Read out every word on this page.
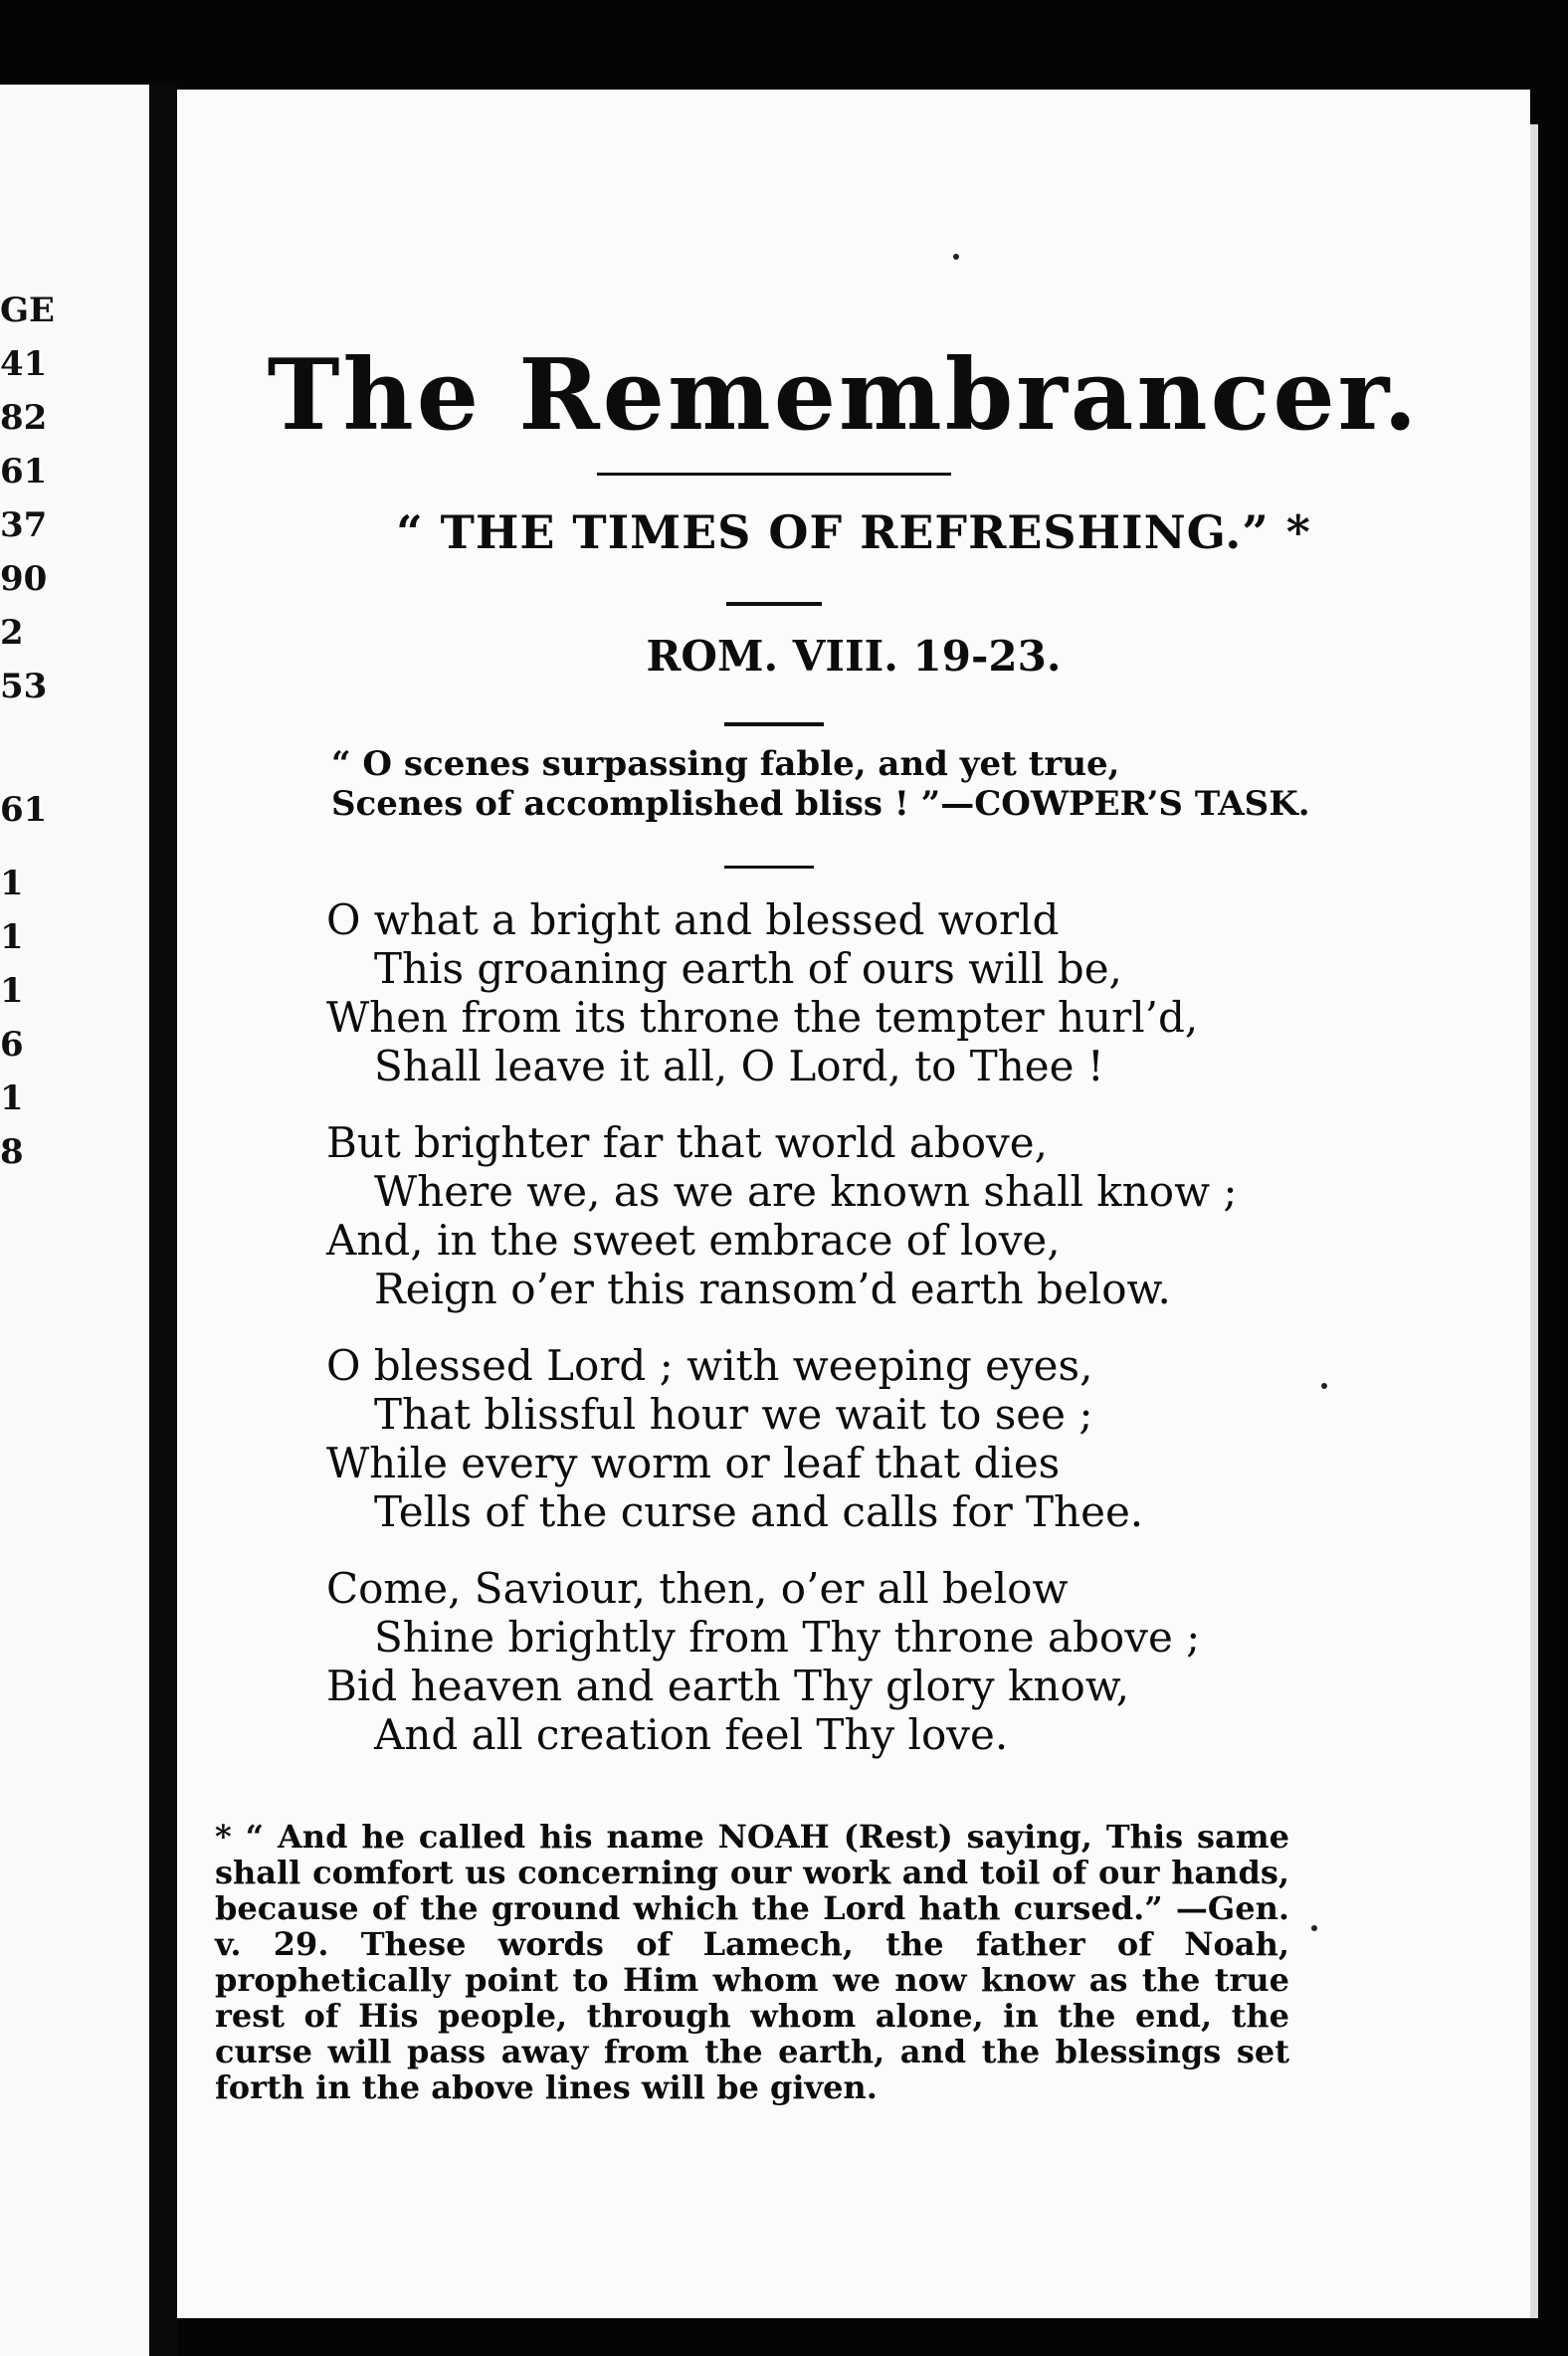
GE
41
82
61
37
90
2
53
61
1
1
1
6
1
8
The Remembrancer.
“ THE TIMES OF REFRESHING.” *
ROM. VIII. 19-23.
“ O scenes surpassing fable, and yet true,
Scenes of accomplished bliss ! ”—COWPER’S TASK.
O what a bright and blessed world
This groaning earth of ours will be,
When from its throne the tempter hurl’d,
Shall leave it all, O Lord, to Thee !
But brighter far that world above,
Where we, as we are known shall know ;
And, in the sweet embrace of love,
Reign o’er this ransom’d earth below.
O blessed Lord ; with weeping eyes,
That blissful hour we wait to see ;
While every worm or leaf that dies
Tells of the curse and calls for Thee.
Come, Saviour, then, o’er all below
Shine brightly from Thy throne above ;
Bid heaven and earth Thy glory know,
And all creation feel Thy love.
* “ And he called his name NOAH (Rest) saying, This same shall comfort us concerning our work and toil of our hands, because of the ground which the Lord hath cursed.” —Gen. v. 29. These words of Lamech, the father of Noah, prophetically point to Him whom we now know as the true rest of His people, through whom alone, in the end, the curse will pass away from the earth, and the blessings set forth in the above lines will be given.
